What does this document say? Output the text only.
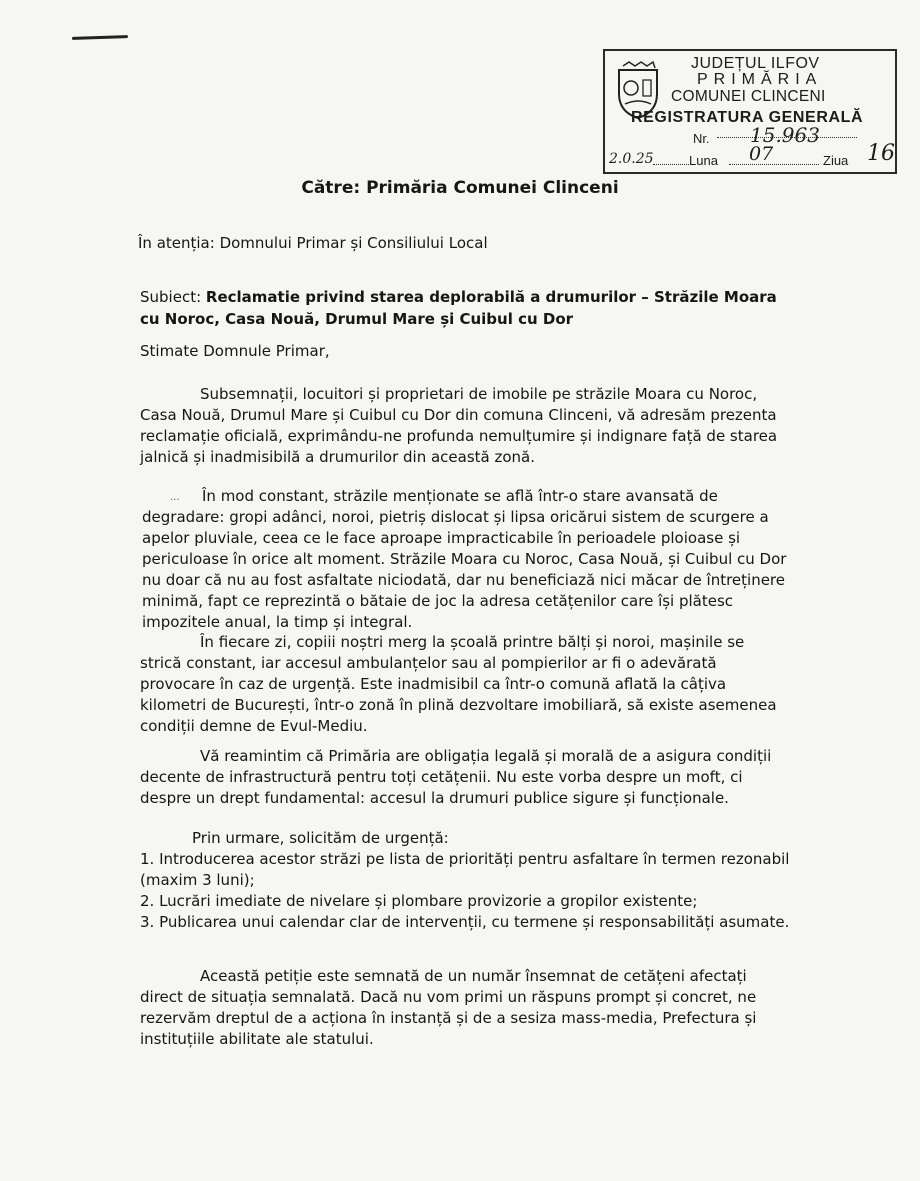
JUDEȚUL ILFOV
PRIMĂRIA
COMUNEI CLINCENI
REGISTRATURA GENERALĂ
Nr. 15.963
2.0.25	Luna 07	Ziua 16
Către: Primăria Comunei Clinceni
În atenția: Domnului Primar și Consiliului Local
Subiect: Reclamatie privind starea deplorabilă a drumurilor – Străzile Moara cu Noroc, Casa Nouă, Drumul Mare și Cuibul cu Dor
Stimate Domnule Primar,
Subsemnații, locuitori și proprietari de imobile pe străzile Moara cu Noroc, Casa Nouă, Drumul Mare și Cuibul cu Dor din comuna Clinceni, vă adresăm prezenta reclamație oficială, exprimându-ne profunda nemulțumire și indignare față de starea jalnică și inadmisibilă a drumurilor din această zonă.
···	În mod constant, străzile menționate se află într-o stare avansată de degradare: gropi adânci, noroi, pietriș dislocat și lipsa oricărui sistem de scurgere a apelor pluviale, ceea ce le face aproape impracticabile în perioadele ploioase și periculoase în orice alt moment. Străzile Moara cu Noroc, Casa Nouă, și Cuibul cu Dor nu doar că nu au fost asfaltate niciodată, dar nu beneficiază nici măcar de întreținere minimă, fapt ce reprezintă o bătaie de joc la adresa cetățenilor care își plătesc impozitele anual, la timp și integral.
În fiecare zi, copiii noștri merg la școală printre bălți și noroi, mașinile se strică constant, iar accesul ambulanțelor sau al pompierilor ar fi o adevărată provocare în caz de urgență. Este inadmisibil ca într-o comună aflată la câțiva kilometri de București, într-o zonă în plină dezvoltare imobiliară, să existe asemenea condiții demne de Evul-Mediu.
Vă reamintim că Primăria are obligația legală și morală de a asigura condiții decente de infrastructură pentru toți cetățenii. Nu este vorba despre un moft, ci despre un drept fundamental: accesul la drumuri publice sigure și funcționale.
Prin urmare, solicităm de urgență:
1. Introducerea acestor străzi pe lista de priorități pentru asfaltare în termen rezonabil (maxim 3 luni);
2. Lucrări imediate de nivelare și plombare provizorie a gropilor existente;
3. Publicarea unui calendar clar de intervenții, cu termene și responsabilități asumate.
Această petiție este semnată de un număr însemnat de cetățeni afectați direct de situația semnalată. Dacă nu vom primi un răspuns prompt și concret, ne rezervăm dreptul de a acționa în instanță și de a sesiza mass-media, Prefectura și instituțiile abilitate ale statului.
